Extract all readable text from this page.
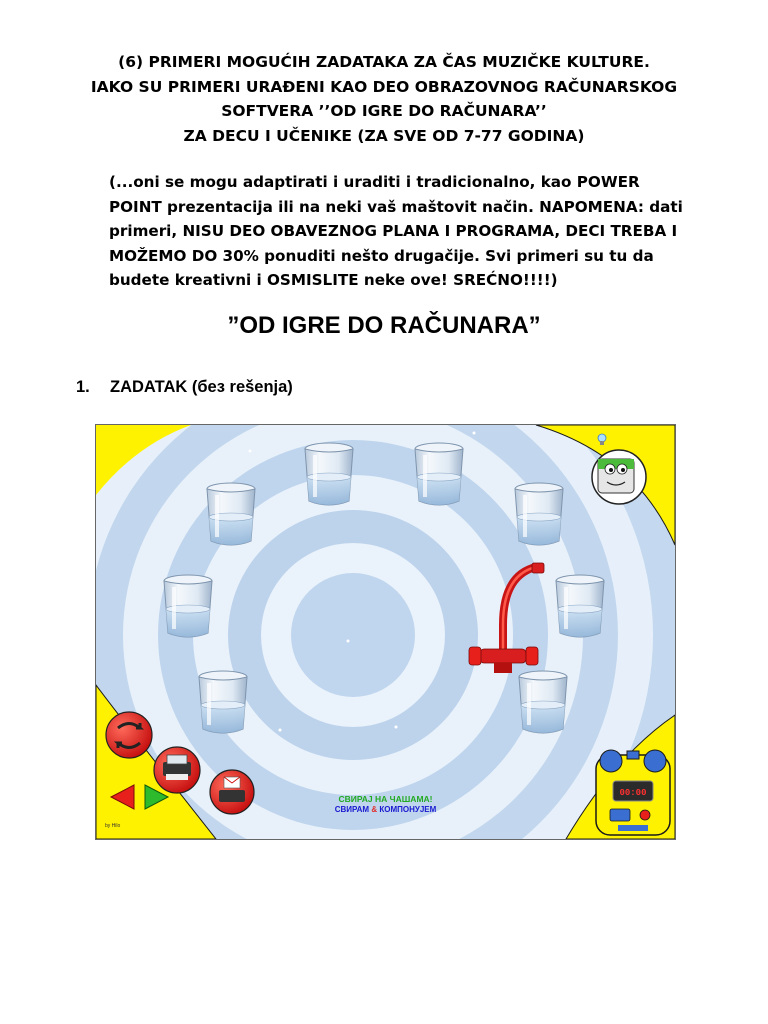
(6) PRIMERI MOGUĆIH ZADATAKA ZA ČAS MUZIČKE KULTURE.
IAKO SU PRIMERI URAĐENI KAO DEO OBRAZOVNOG RAČUNARSKOG
SOFTVERA ’’OD IGRE DO RAČUNARA’’
ZA DECU I UČENIKE (ZA SVE OD 7-77 GODINA)
(...oni se mogu adaptirati i uraditi i tradicionalno, kao POWER
POINT prezentacija ili na neki vaš maštovit način. NAPOMENA: dati
primeri, NISU DEO OBAVEZNOG PLANA I PROGRAMA, DECI TREBA I
MOŽEMO DO 30% ponuditi nešto drugačije. Svi primeri su tu da
budete kreativni i OSMISLITE neke ove! SREĆNO!!!!)
”OD IGRE DO RAČUNARA”
1. ZADATAK (без rešenja)
00:00
СВИРАЈ НА ЧАШАМА!
СВИРАМ & КОМПОНУЈЕМ
by Hilo
